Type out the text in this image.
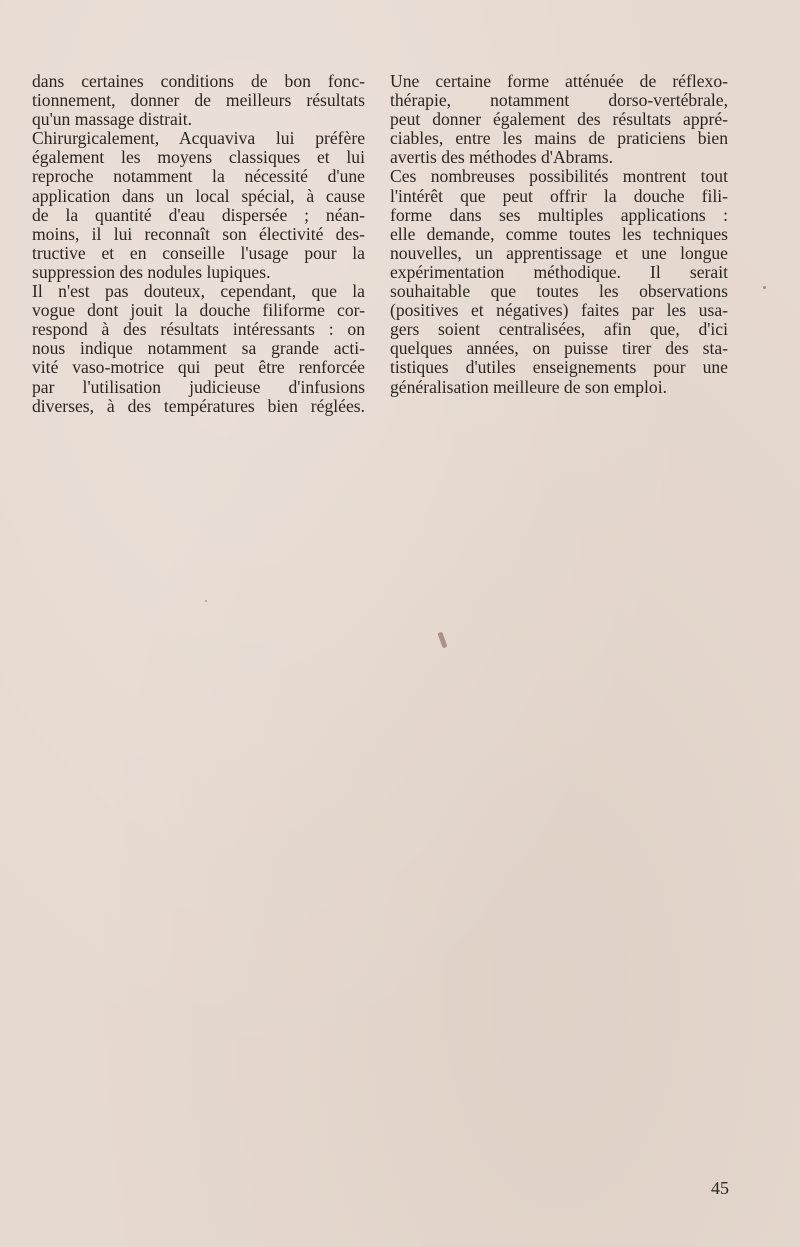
dans certaines conditions de bon fonc-
tionnement, donner de meilleurs résultats
qu'un massage distrait.
Chirurgicalement, Acquaviva lui préfère
également les moyens classiques et lui
reproche notamment la nécessité d'une
application dans un local spécial, à cause
de la quantité d'eau dispersée ; néan-
moins, il lui reconnaît son électivité des-
tructive et en conseille l'usage pour la
suppression des nodules lupiques.
Il n'est pas douteux, cependant, que la
vogue dont jouit la douche filiforme cor-
respond à des résultats intéressants : on
nous indique notamment sa grande acti-
vité vaso-motrice qui peut être renforcée
par l'utilisation judicieuse d'infusions
diverses, à des températures bien réglées.
Une certaine forme atténuée de réflexo-
thérapie, notamment dorso-vertébrale,
peut donner également des résultats appré-
ciables, entre les mains de praticiens bien
avertis des méthodes d'Abrams.
Ces nombreuses possibilités montrent tout
l'intérêt que peut offrir la douche fili-
forme dans ses multiples applications :
elle demande, comme toutes les techniques
nouvelles, un apprentissage et une longue
expérimentation méthodique. Il serait
souhaitable que toutes les observations
(positives et négatives) faites par les usa-
gers soient centralisées, afin que, d'ici
quelques années, on puisse tirer des sta-
tistiques d'utiles enseignements pour une
généralisation meilleure de son emploi.
45
